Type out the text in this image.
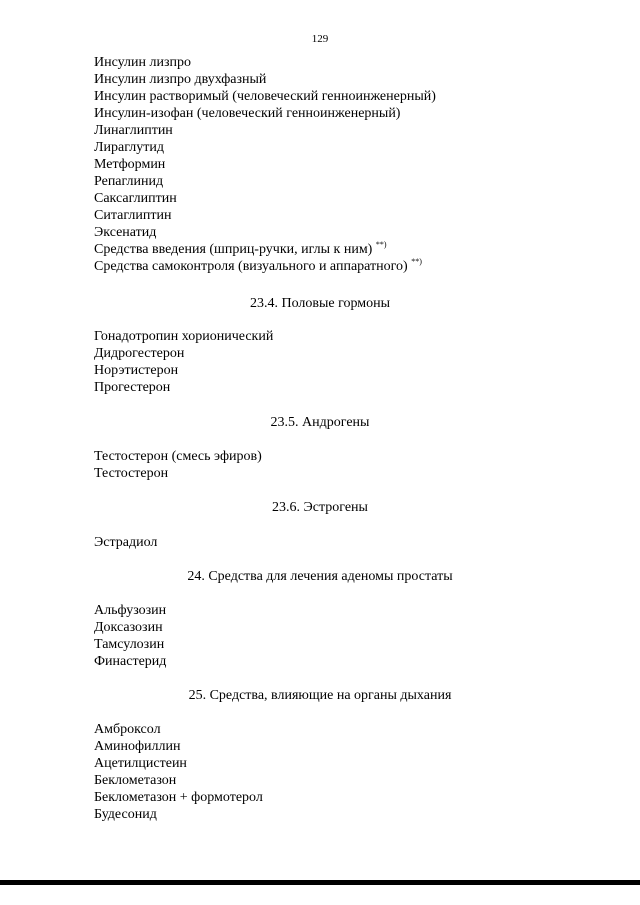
129
Инсулин лизпро
Инсулин лизпро двухфазный
Инсулин растворимый (человеческий генноинженерный)
Инсулин-изофан (человеческий генноинженерный)
Линаглиптин
Лираглутид
Метформин
Репаглинид
Саксаглиптин
Ситаглиптин
Эксенатид
Средства введения (шприц-ручки, иглы к ним) **)
Средства самоконтроля (визуального и аппаратного) **)
23.4. Половые гормоны
Гонадотропин хорионический
Дидрогестерон
Норэтистерон
Прогестерон
23.5. Андрогены
Тестостерон (смесь эфиров)
Тестостерон
23.6. Эстрогены
Эстрадиол
24. Средства для лечения аденомы простаты
Альфузозин
Доксазозин
Тамсулозин
Финастерид
25. Средства, влияющие на органы дыхания
Амброксол
Аминофиллин
Ацетилцистеин
Беклометазон
Беклометазон + формотерол
Будесонид
